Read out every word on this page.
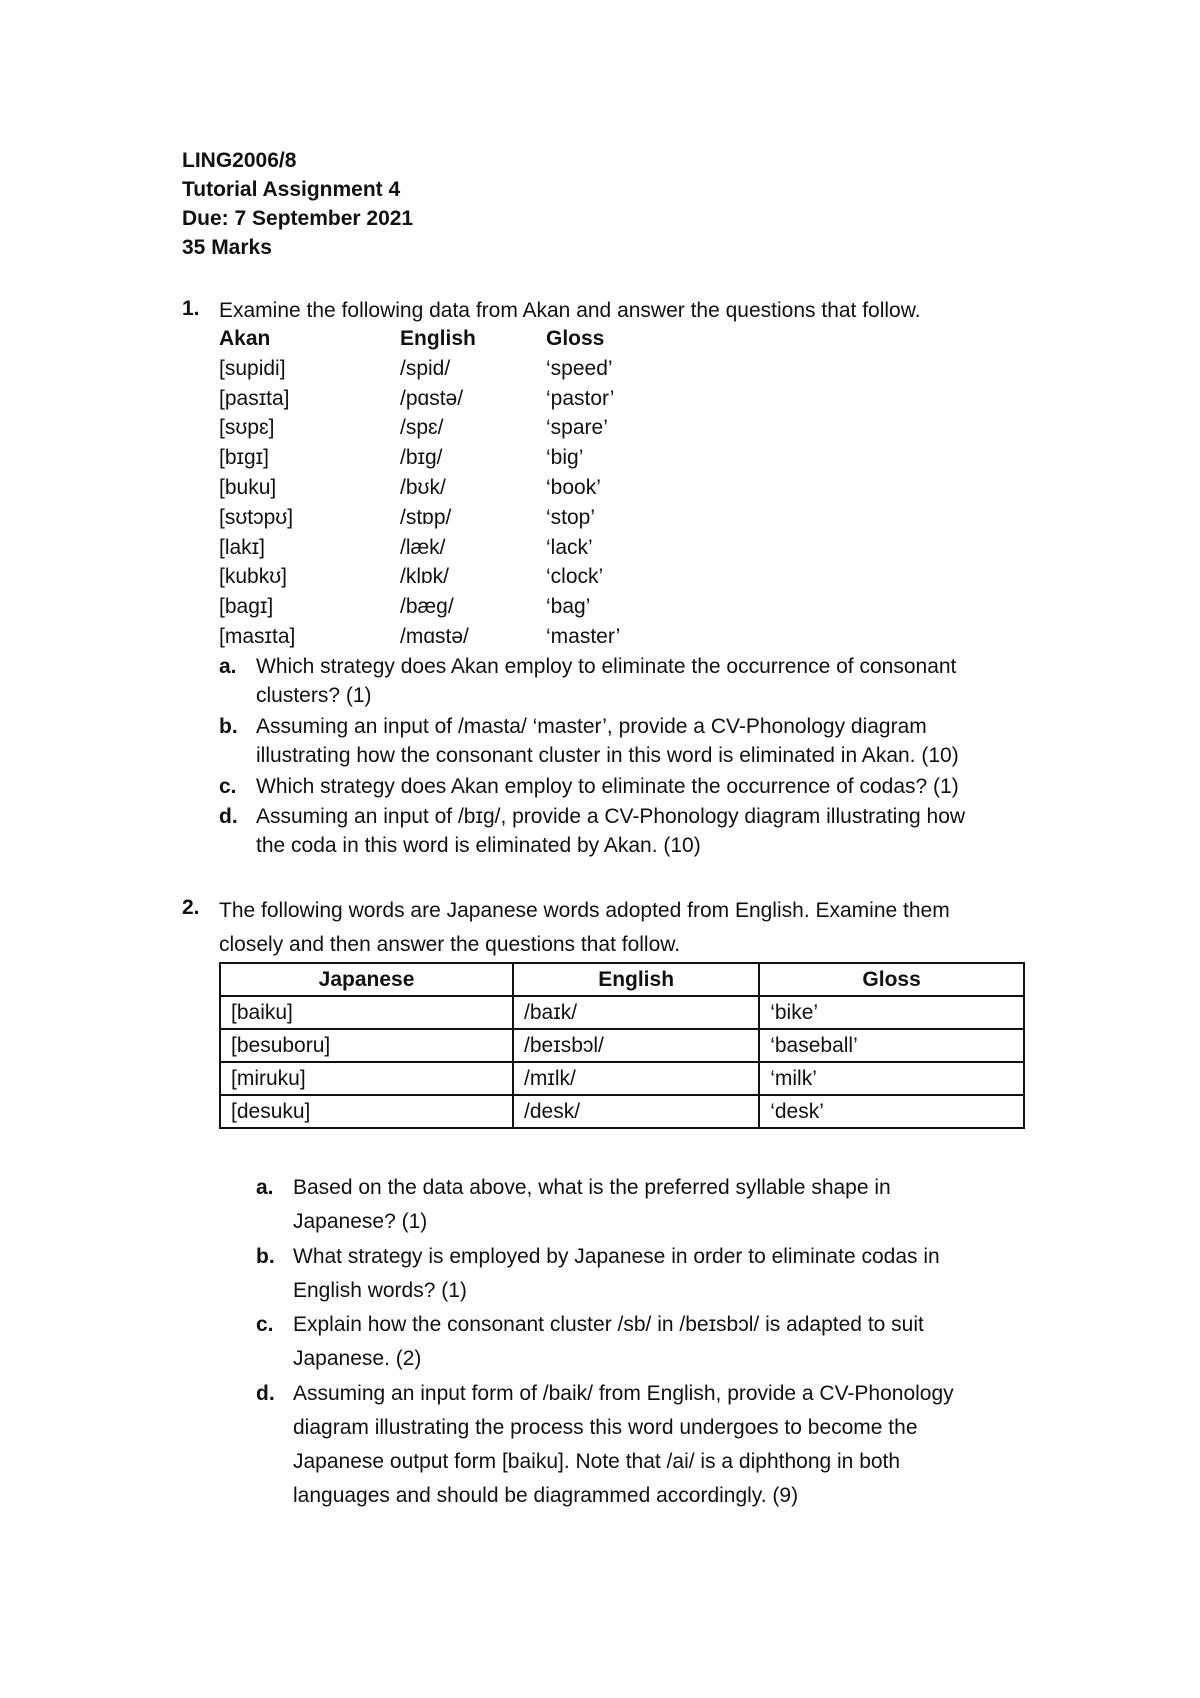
LING2006/8
Tutorial Assignment 4
Due: 7 September 2021
35 Marks
1. Examine the following data from Akan and answer the questions that follow.
Akan	English	Gloss
[supidi]	/spid/	‘speed’
[pasɪta]	/pɑstə/	‘pastor’
[sʊpɛ]	/spɛ/	‘spare’
[bɪgɪ]	/bɪg/	‘big’
[buku]	/bʊk/	‘book’
[sʊtɔpʊ]	/stɒp/	‘stop’
[lakɪ]	/læk/	‘lack’
[kubkʊ]	/klɒk/	‘clock’
[bagɪ]	/bæg/	‘bag’
[masɪta]	/mɑstə/	‘master’
a. Which strategy does Akan employ to eliminate the occurrence of consonant
clusters? (1)
b. Assuming an input of /masta/ ‘master’, provide a CV-Phonology diagram
illustrating how the consonant cluster in this word is eliminated in Akan. (10)
c. Which strategy does Akan employ to eliminate the occurrence of codas? (1)
d. Assuming an input of /bɪg/, provide a CV-Phonology diagram illustrating how
the coda in this word is eliminated by Akan. (10)
2. The following words are Japanese words adopted from English. Examine them
closely and then answer the questions that follow.
Japanese	English	Gloss
[baiku]	/baɪk/	‘bike’
[besuboru]	/beɪsbɔl/	‘baseball’
[miruku]	/mɪlk/	‘milk’
[desuku]	/desk/	‘desk’
a. Based on the data above, what is the preferred syllable shape in
Japanese? (1)
b. What strategy is employed by Japanese in order to eliminate codas in
English words? (1)
c. Explain how the consonant cluster /sb/ in /beɪsbɔl/ is adapted to suit
Japanese. (2)
d. Assuming an input form of /baik/ from English, provide a CV-Phonology
diagram illustrating the process this word undergoes to become the
Japanese output form [baiku]. Note that /ai/ is a diphthong in both
languages and should be diagrammed accordingly. (9)
